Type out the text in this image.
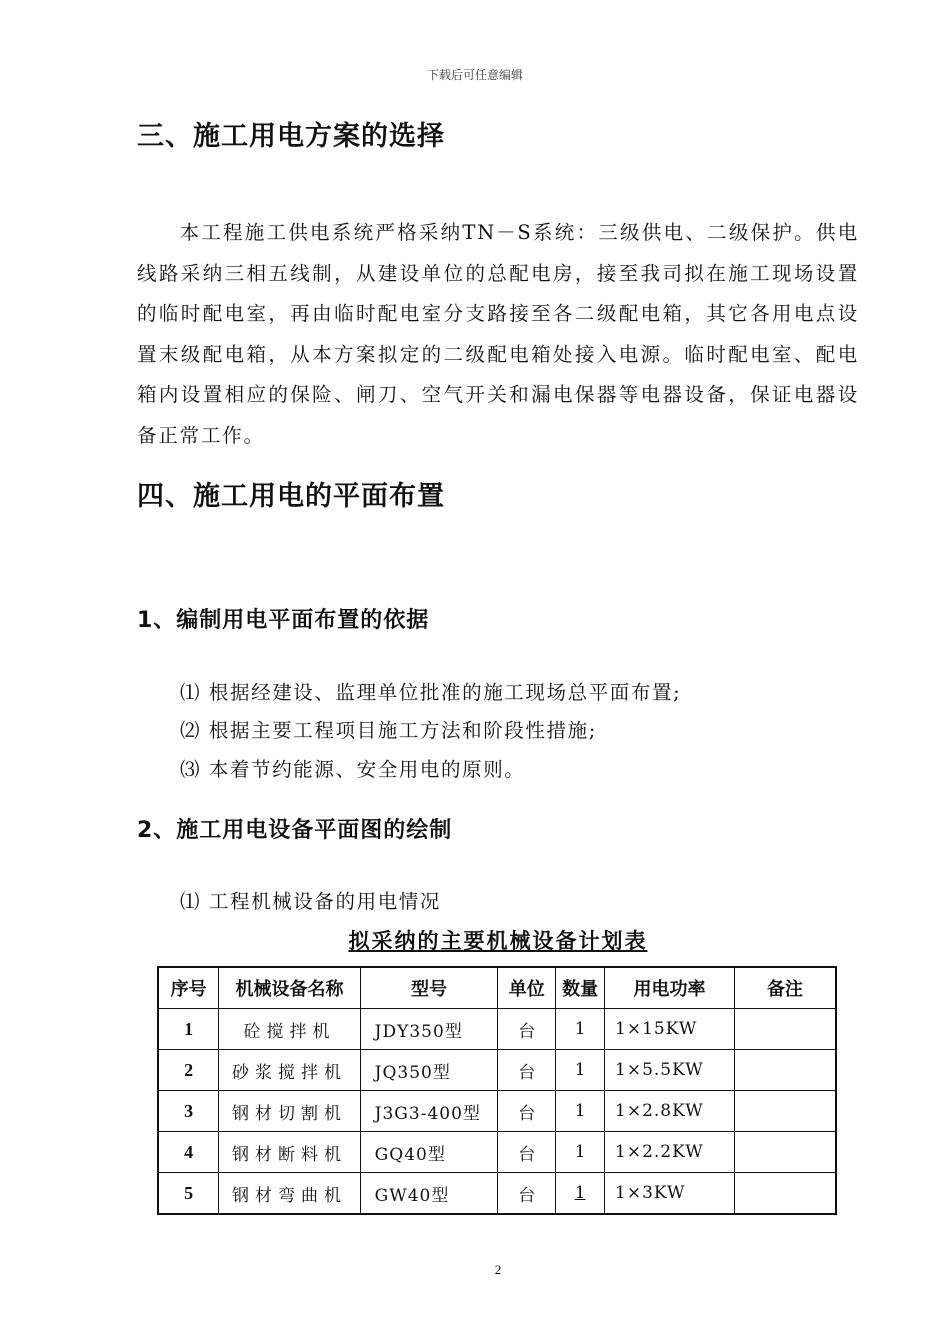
下载后可任意编辑
三、施工用电方案的选择
本工程施工供电系统严格采纳TN－S系统：三级供电、二级保护。供电线路采纳三相五线制，从建设单位的总配电房，接至我司拟在施工现场设置的临时配电室，再由临时配电室分支路接至各二级配电箱，其它各用电点设置末级配电箱，从本方案拟定的二级配电箱处接入电源。临时配电室、配电箱内设置相应的保险、闸刀、空气开关和漏电保器等电器设备，保证电器设备正常工作。
四、施工用电的平面布置
1、编制用电平面布置的依据
⑴ 根据经建设、监理单位批准的施工现场总平面布置;
⑵ 根据主要工程项目施工方法和阶段性措施;
⑶ 本着节约能源、安全用电的原则。
2、施工用电设备平面图的绘制
⑴ 工程机械设备的用电情况
拟采纳的主要机械设备计划表
序号	机械设备名称	型号	单位	数量	用电功率	备注
1	砼搅拌机	JDY350型	台	1	1×15KW	
2	砂浆搅拌机	JQ350型	台	1	1×5.5KW	
3	钢材切割机	J3G3-400型	台	1	1×2.8KW	
4	钢材断料机	GQ40型	台	1	1×2.2KW	
5	钢材弯曲机	GW40型	台	1	1×3KW	
2
